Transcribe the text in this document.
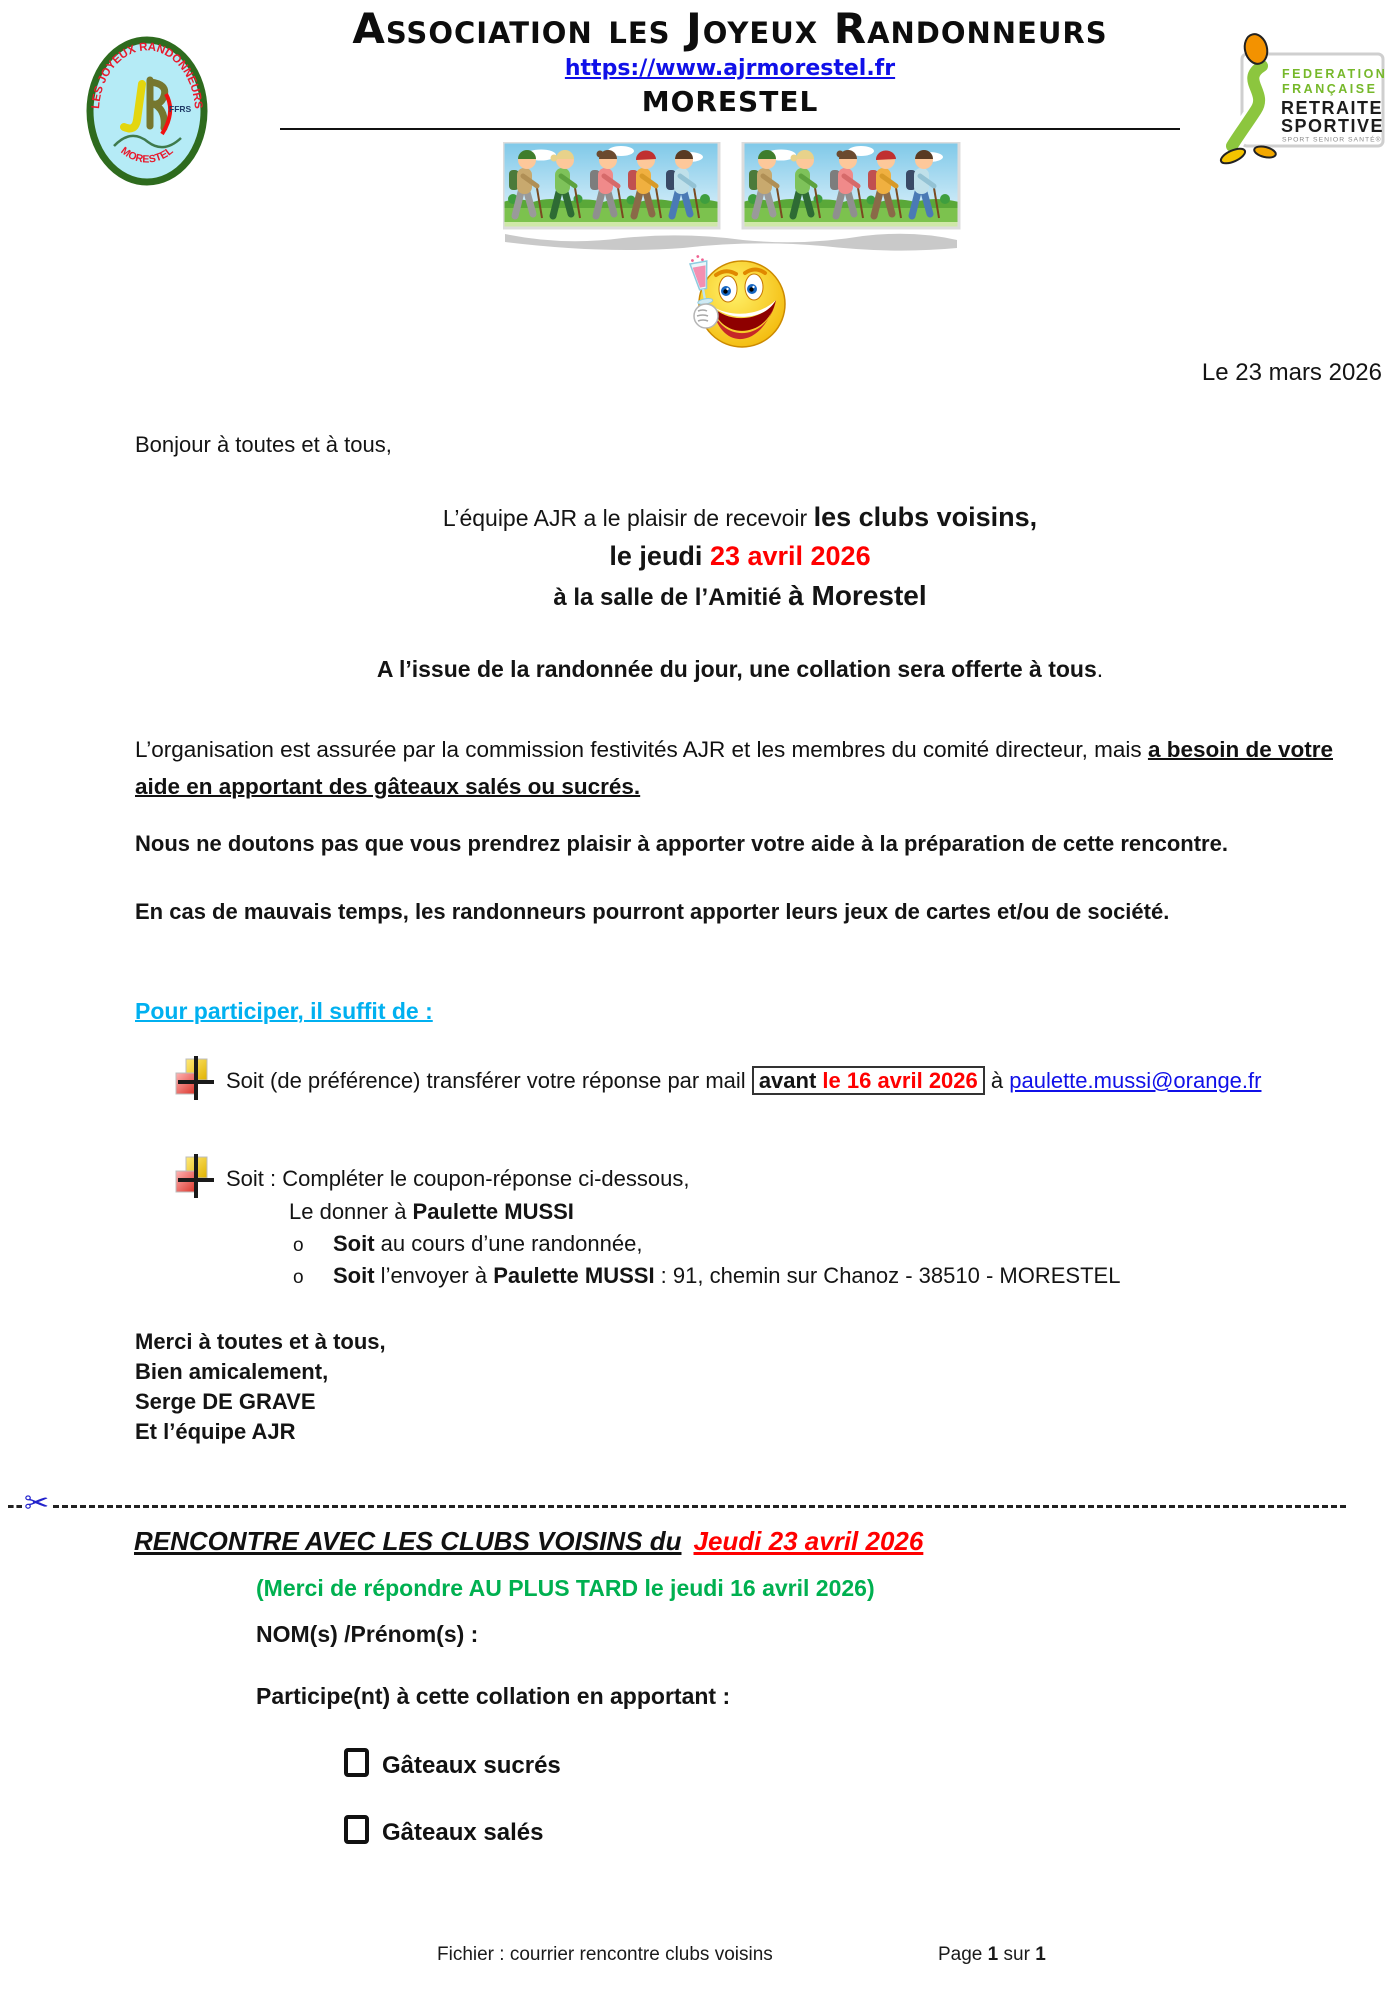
LES JOYEUX RANDONNEURS
MORESTEL
FFRS
Association les Joyeux Randonneurs
https://www.ajrmorestel.fr
MORESTEL
FEDERATION
FRANÇAISE
RETRAITE
SPORTIVE
SPORT SENIOR SANTÉ®
Le 23 mars 2026
Bonjour à toutes et à tous,
L’équipe AJR a le plaisir de recevoir les clubs voisins,
le jeudi 23 avril 2026
à la salle de l’Amitié à Morestel
A l’issue de la randonnée du jour, une collation sera offerte à tous.
L’organisation est assurée par la commission festivités AJR et les membres du comité directeur, mais a besoin de votre aide en apportant des gâteaux salés ou sucrés.
Nous ne doutons pas que vous prendrez plaisir à apporter votre aide à la préparation de cette rencontre.
En cas de mauvais temps, les randonneurs pourront apporter leurs jeux de cartes et/ou de société.
Pour participer, il suffit de :
Soit (de préférence) transférer votre réponse par mail avant le 16 avril 2026 à paulette.mussi@orange.fr
Soit : Compléter le coupon-réponse ci-dessous,
Le donner à Paulette MUSSI
o Soit au cours d’une randonnée,
o Soit l’envoyer à Paulette MUSSI : 91, chemin sur Chanoz - 38510 - MORESTEL
Merci à toutes et à tous,
Bien amicalement,
Serge DE GRAVE
Et l’équipe AJR
✂
RENCONTRE AVEC LES CLUBS VOISINS du Jeudi 23 avril 2026
(Merci de répondre AU PLUS TARD le jeudi 16 avril 2026)
NOM(s) /Prénom(s) :
Participe(nt) à cette collation en apportant :
Gâteaux sucrés
Gâteaux salés
Fichier : courrier rencontre clubs voisins	Page 1 sur 1
